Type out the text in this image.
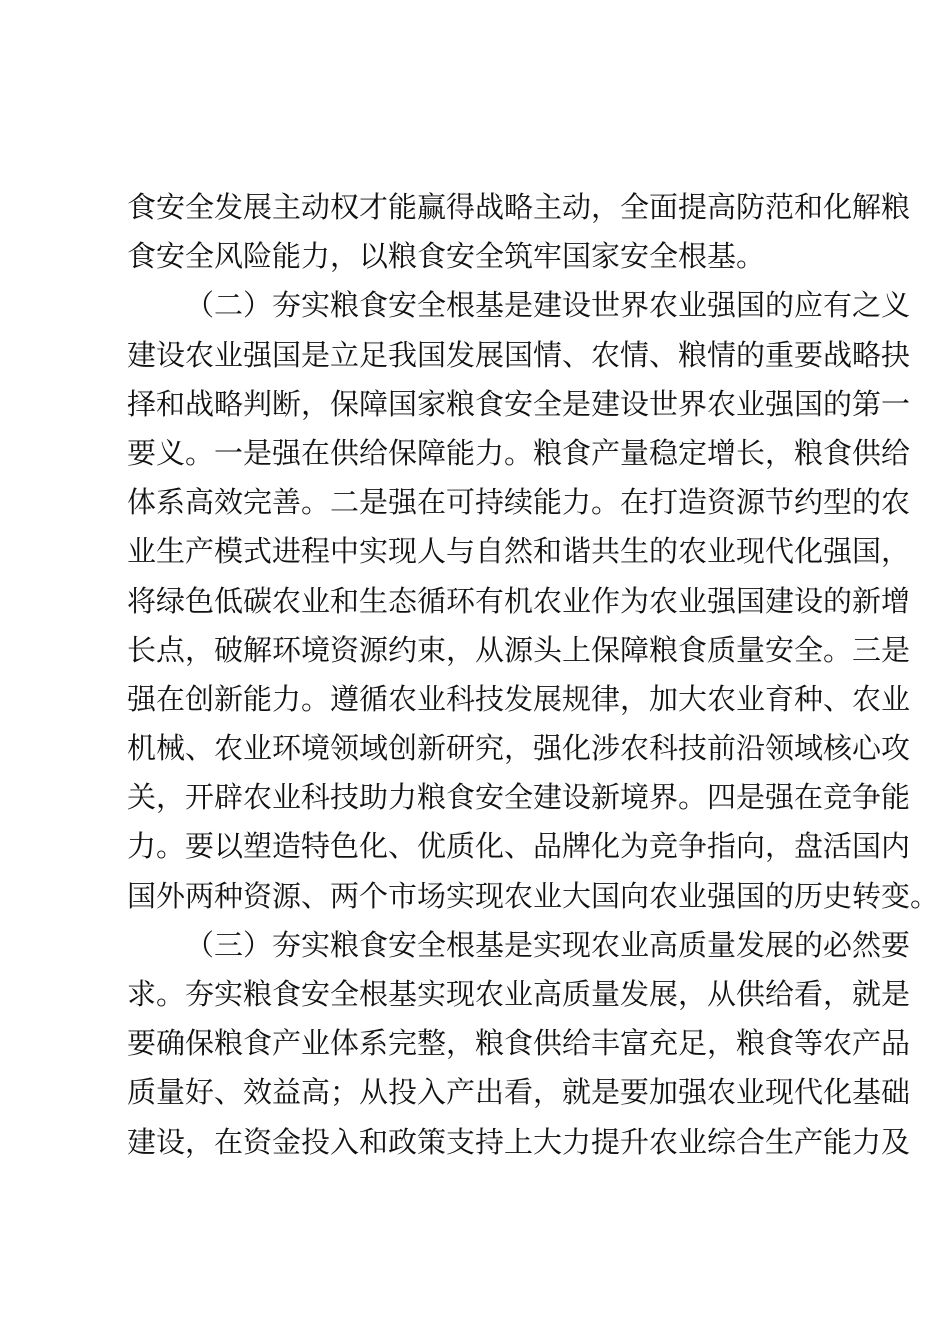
食安全发展主动权才能赢得战略主动，全面提高防范和化解粮
食安全风险能力，以粮食安全筑牢国家安全根基。
（二）夯实粮食安全根基是建设世界农业强国的应有之义
建设农业强国是立足我国发展国情、农情、粮情的重要战略抉
择和战略判断，保障国家粮食安全是建设世界农业强国的第一
要义。一是强在供给保障能力。粮食产量稳定增长，粮食供给
体系高效完善。二是强在可持续能力。在打造资源节约型的农
业生产模式进程中实现人与自然和谐共生的农业现代化强国，
将绿色低碳农业和生态循环有机农业作为农业强国建设的新增
长点，破解环境资源约束，从源头上保障粮食质量安全。三是
强在创新能力。遵循农业科技发展规律，加大农业育种、农业
机械、农业环境领域创新研究，强化涉农科技前沿领域核心攻
关，开辟农业科技助力粮食安全建设新境界。四是强在竞争能
力。要以塑造特色化、优质化、品牌化为竞争指向，盘活国内
国外两种资源、两个市场实现农业大国向农业强国的历史转变。
（三）夯实粮食安全根基是实现农业高质量发展的必然要
求。夯实粮食安全根基实现农业高质量发展，从供给看，就是
要确保粮食产业体系完整，粮食供给丰富充足，粮食等农产品
质量好、效益高；从投入产出看，就是要加强农业现代化基础
建设，在资金投入和政策支持上大力提升农业综合生产能力及
